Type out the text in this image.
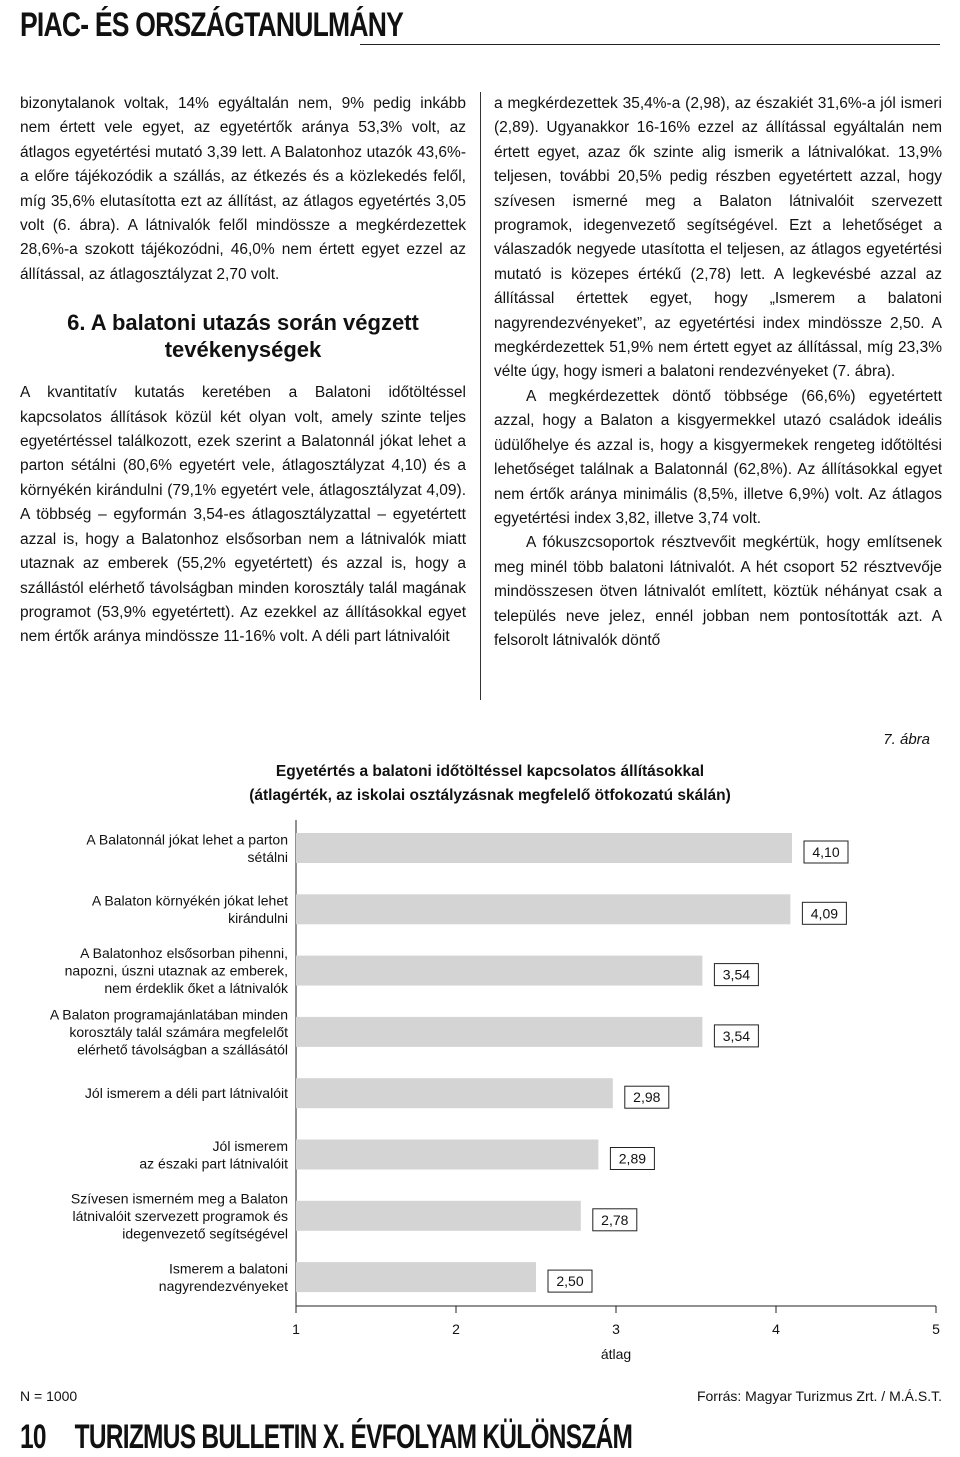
PIAC- ÉS ORSZÁGTANULMÁNY

bizonytalanok voltak, 14% egyáltalán nem, 9% pedig inkább nem értett vele egyet, az egyetértők aránya 53,3% volt, az átlagos egyetértési mutató 3,39 lett. A Balatonhoz utazók 43,6%-a előre tájékozódik a szállás, az étkezés és a közlekedés felől, míg 35,6% elutasította ezt az állítást, az átlagos egyetértés 3,05 volt (6. ábra). A látnivalók felől mindössze a megkérdezettek 28,6%-a szokott tájékozódni, 46,0% nem értett egyet ezzel az állítással, az átlagosztályzat 2,70 volt.

6. A balatoni utazás során végzett tevékenységek

A kvantitatív kutatás keretében a Balatoni időtöltéssel kapcsolatos állítások közül két olyan volt, amely szinte teljes egyetértéssel találkozott, ezek szerint a Balatonnál jókat lehet a parton sétálni (80,6% egyetért vele, átlagosztályzat 4,10) és a környékén kirándulni (79,1% egyetért vele, átlagosztályzat 4,09). A többség – egyformán 3,54-es átlagosztályzattal – egyetértett azzal is, hogy a Balatonhoz elsősorban nem a látnivalók miatt utaznak az emberek (55,2% egyetértett) és azzal is, hogy a szállástól elérhető távolságban minden korosztály talál magának programot (53,9% egyetértett). Az ezekkel az állításokkal egyet nem értők aránya mindössze 11-16% volt. A déli part látnivalóit

a megkérdezettek 35,4%-a (2,98), az északiét 31,6%-a jól ismeri (2,89). Ugyanakkor 16-16% ezzel az állítással egyáltalán nem értett egyet, azaz ők szinte alig ismerik a látnivalókat. 13,9% teljesen, további 20,5% pedig részben egyetértett azzal, hogy szívesen ismerné meg a Balaton látnivalóit szervezett programok, idegenvezető segítségével. Ezt a lehetőséget a válaszadók negyede utasította el teljesen, az átlagos egyetértési mutató is közepes értékű (2,78) lett. A legkevésbé azzal az állítással értettek egyet, hogy „Ismerem a balatoni nagyrendezvényeket”, az egyetértési index mindössze 2,50. A megkérdezettek 51,9% nem értett egyet az állítással, míg 23,3% vélte úgy, hogy ismeri a balatoni rendezvényeket (7. ábra).

A megkérdezettek döntő többsége (66,6%) egyetértett azzal, hogy a Balaton a kisgyermekkel utazó családok ideális üdülőhelye és azzal is, hogy a kisgyermekek rengeteg időtöltési lehetőséget találnak a Balatonnál (62,8%). Az állításokkal egyet nem értők aránya minimális (8,5%, illetve 6,9%) volt. Az átlagos egyetértési index 3,82, illetve 3,74 volt.

A fókuszcsoportok résztvevőit megkértük, hogy említsenek meg minél több balatoni látnivalót. A hét csoport 52 résztvevője mindösszesen ötven látnivalót említett, köztük néhányat csak a település neve jelez, ennél jobban nem pontosították azt. A felsorolt látnivalók döntő

7. ábra
Egyetértés a balatoni időtöltéssel kapcsolatos állításokkal
(átlagérték, az iskolai osztályzásnak megfelelő ötfokozatú skálán)
1	2	3	4	5
átlag
4,10
A Balatonnál jókat lehet a parton
sétálni
4,09
A Balaton környékén jókat lehet
kirándulni
3,54
A Balatonhoz elsősorban pihenni,
napozni, úszni utaznak az emberek,
nem érdeklik őket a látnivalók
3,54
A Balaton programajánlatában minden
korosztály talál számára megfelelőt
elérhető távolságban a szállásától
2,98
Jól ismerem a déli part látnivalóit
2,89
Jól ismerem
az északi part látnivalóit
2,78
Szívesen ismerném meg a Balaton
látnivalóit szervezett programok és
idegenvezető segítségével
2,50
Ismerem a balatoni
nagyrendezvényeket
N = 1000	Forrás: Magyar Turizmus Zrt. / M.Á.S.T.
10 TURIZMUS BULLETIN X. ÉVFOLYAM KÜLÖNSZÁM
